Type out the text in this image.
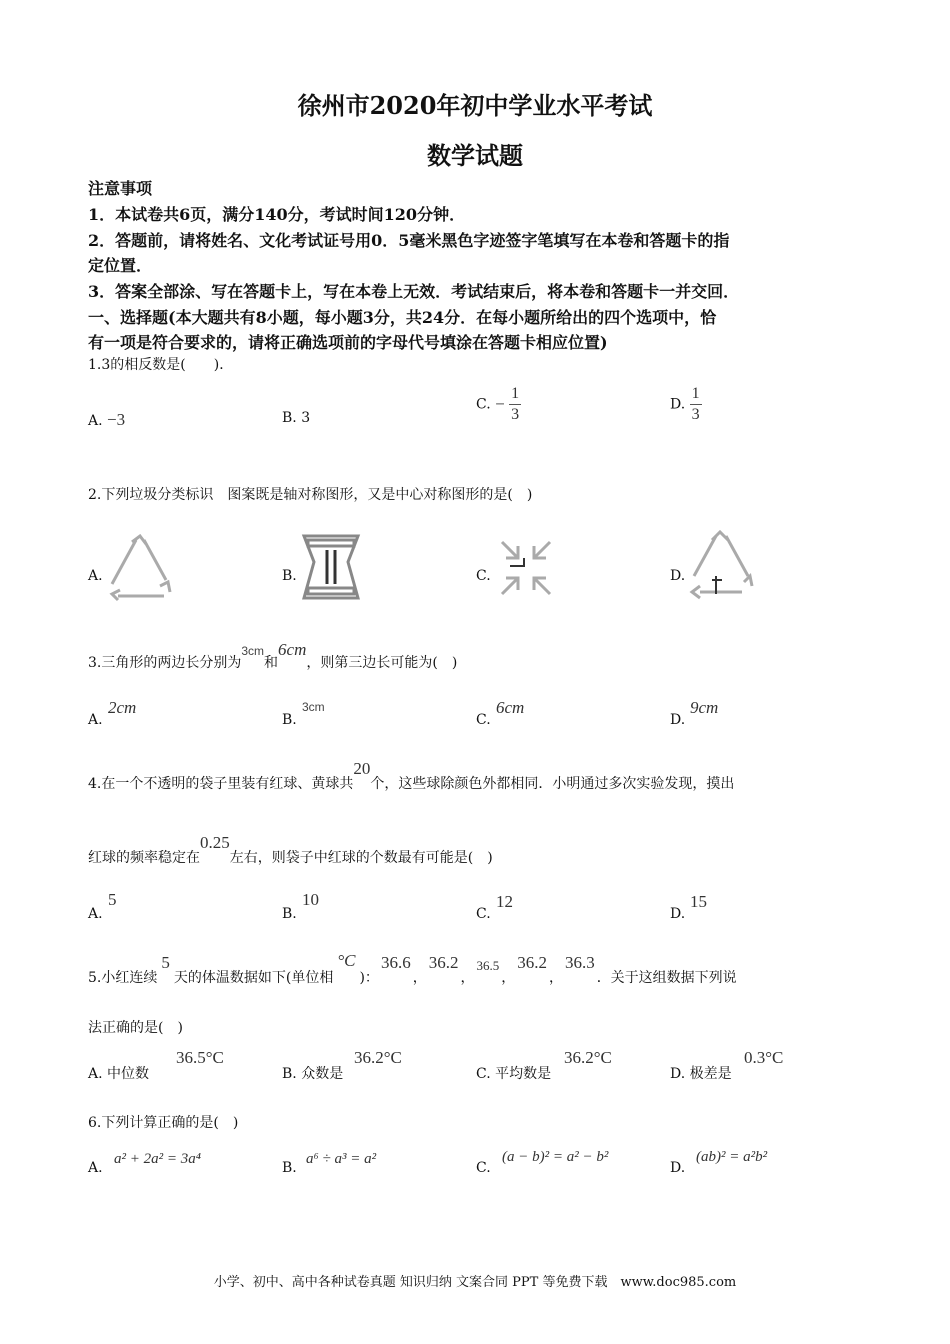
徐州市2020年初中学业水平考试
数学试题
注意事项
1．本试卷共6页，满分140分，考试时间120分钟．
2．答题前，请将姓名、文化考试证号用0．5毫米黑色字迹签字笔填写在本卷和答题卡的指
定位置．
3．答案全部涂、写在答题卡上，写在本卷上无效．考试结束后，将本卷和答题卡一并交回．
一、选择题(本大题共有8小题，每小题3分，共24分．在每小题所给出的四个选项中，恰
有一项是符合要求的，请将正确选项前的字母代号填涂在答题卡相应位置)
1.3的相反数是(　　)．
A. −3	B. 3
C. − $\frac{1}{3}$	D. $\frac{1}{3}$
2.下列垃圾分类标识　图案既是轴对称图形，又是中心对称图形的是(　)
A.	B.	C.	D.
3.三角形的两边长分别为3cm和6cm，则第三边长可能为(　)
A.
2cm
B.
3cm
C.
6cm
D.
9cm
4.在一个不透明的袋子里装有红球、黄球共20个，这些球除颜色外都相同．小明通过多次实验发现，摸出
红球的频率稳定在0.25左右，则袋子中红球的个数最有可能是(　)
A.
5
B.
10
C.
12
D.
15
5.小红连续5天的体温数据如下(单位相°C)：36.6，36.2，36.5，36.2，36.3．关于这组数据下列说
法正确的是(　)
A. 中位数
36.5°C
B. 众数是
36.2°C
C. 平均数是
36.2°C
D. 极差是
0.3°C
6.下列计算正确的是(　)
A.
a² + 2a² = 3a⁴
B.
a⁶ ÷ a³ = a²
C.
(a − b)² = a² − b²
D.
(ab)² = a²b²
小学、初中、高中各种试卷真题 知识归纳 文案合同 PPT 等免费下载　www.doc985.com
